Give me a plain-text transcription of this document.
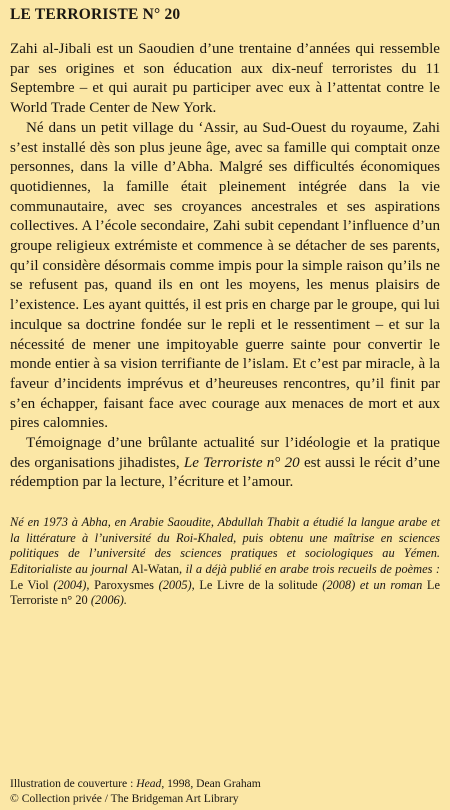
LE TERRORISTE N° 20

Zahi al-Jibali est un Saoudien d’une trentaine d’années qui ressemble par ses origines et son éducation aux dix-neuf terroristes du 11 Septembre – et qui aurait pu participer avec eux à l’attentat contre le World Trade Center de New York.

Né dans un petit village du ‘Assir, au Sud-Ouest du royaume, Zahi s’est installé dès son plus jeune âge, avec sa famille qui comptait onze personnes, dans la ville d’Abha. Malgré ses difficultés économiques quotidiennes, la famille était pleinement intégrée dans la vie communautaire, avec ses croyances ancestrales et ses aspirations collectives. A l’école secondaire, Zahi subit cependant l’influence d’un groupe religieux extrémiste et commence à se détacher de ses parents, qu’il considère désormais comme impis pour la simple raison qu’ils ne se refusent pas, quand ils en ont les moyens, les menus plaisirs de l’existence. Les ayant quittés, il est pris en charge par le groupe, qui lui inculque sa doctrine fondée sur le repli et le ressentiment – et sur la nécessité de mener une impitoyable guerre sainte pour convertir le monde entier à sa vision terrifiante de l’islam. Et c’est par miracle, à la faveur d’incidents imprévus et d’heureuses rencontres, qu’il finit par s’en échapper, faisant face avec courage aux menaces de mort et aux pires calomnies.

Témoignage d’une brûlante actualité sur l’idéologie et la pratique des organisations jihadistes, Le Terroriste n° 20 est aussi le récit d’une rédemption par la lecture, l’écriture et l’amour.

Né en 1973 à Abha, en Arabie Saoudite, Abdullah Thabit a étudié la langue arabe et la littérature à l’université du Roi-Khaled, puis obtenu une maîtrise en sciences politiques de l’université des sciences pratiques et sociologiques au Yémen. Editorialiste au journal Al-Watan, il a déjà publié en arabe trois recueils de poèmes : Le Viol (2004), Paroxysmes (2005), Le Livre de la solitude (2008) et un roman Le Terroriste n° 20 (2006).
Illustration de couverture : Head, 1998, Dean Graham
© Collection privée / The Bridgeman Art Library
